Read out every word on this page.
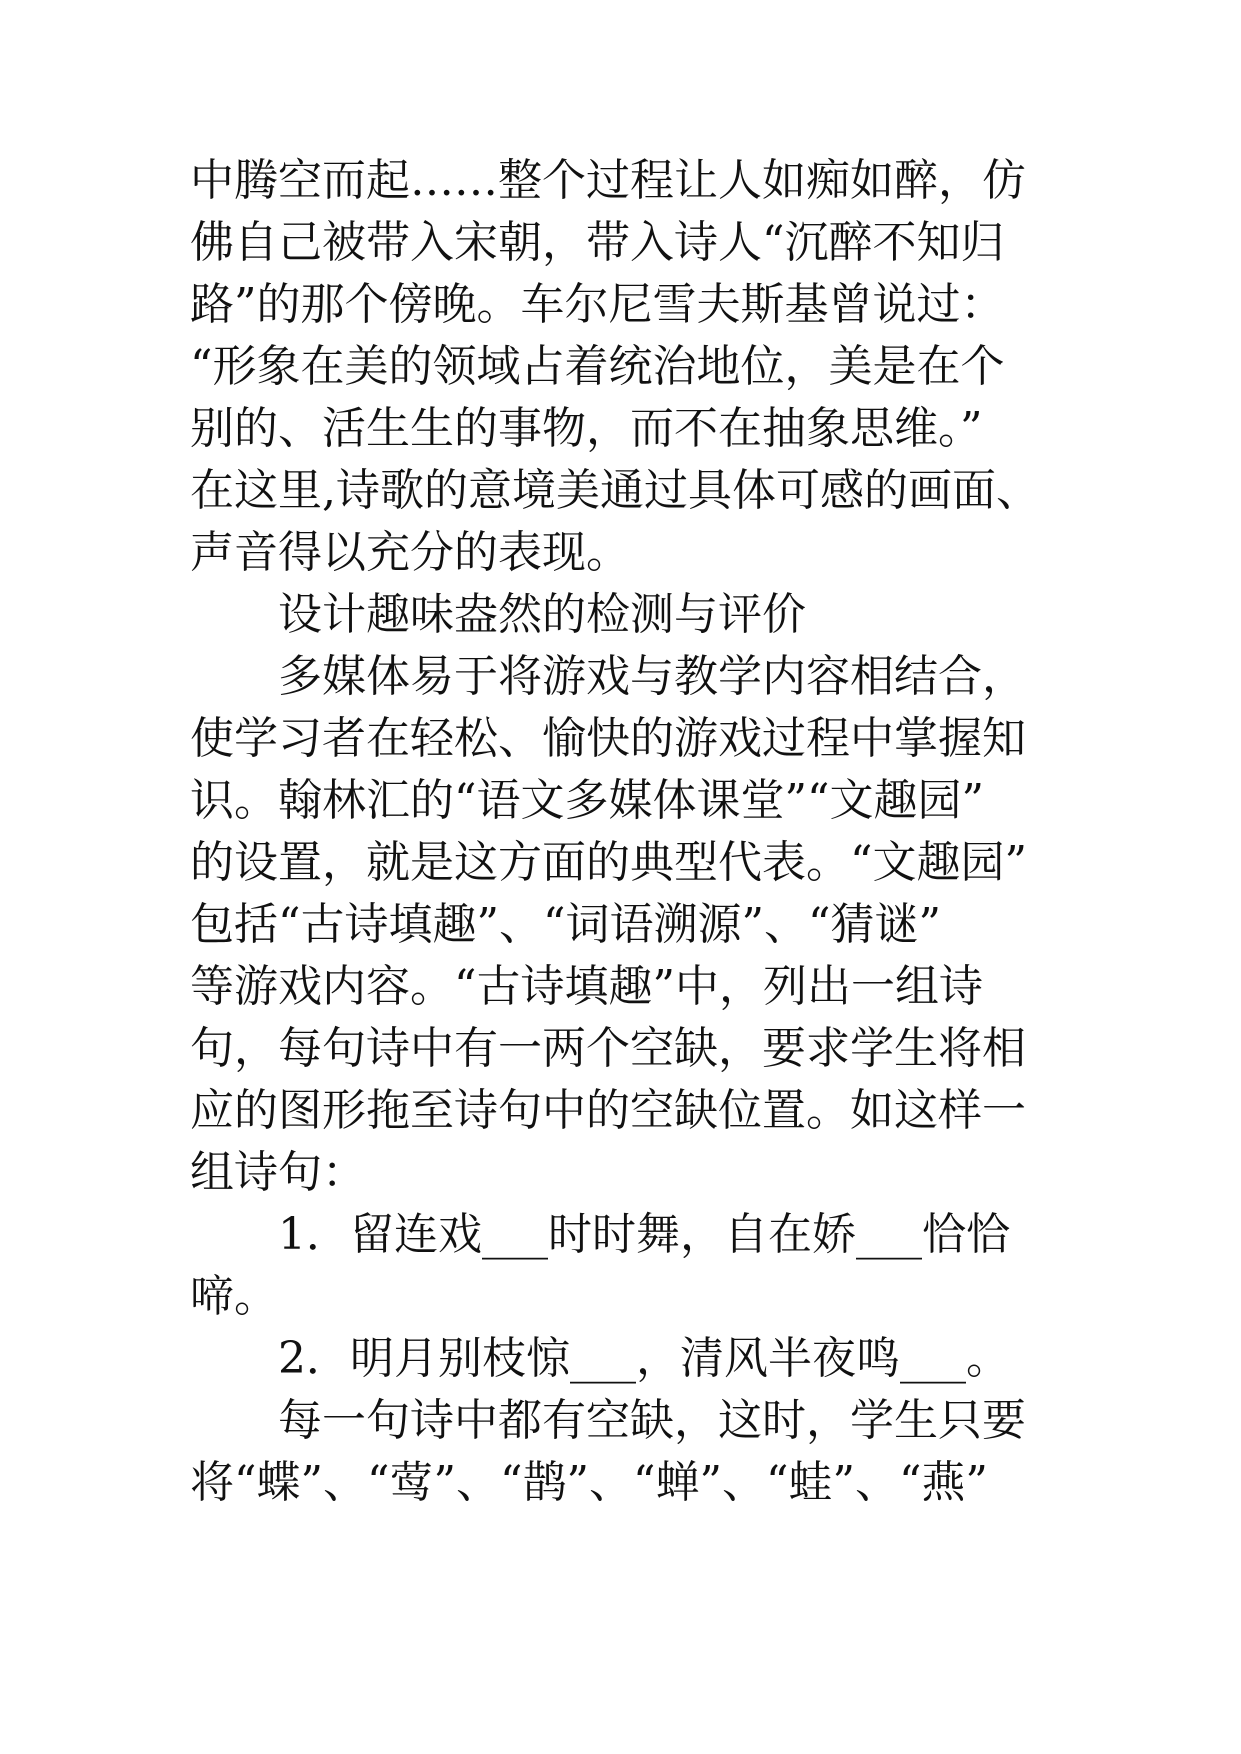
中腾空而起……整个过程让人如痴如醉，仿
佛自己被带入宋朝，带入诗人“沉醉不知归
路”的那个傍晚。车尔尼雪夫斯基曾说过：
“形象在美的领域占着统治地位，美是在个
别的、活生生的事物，而不在抽象思维。”
在这里,诗歌的意境美通过具体可感的画面、
声音得以充分的表现。
设计趣味盎然的检测与评价
多媒体易于将游戏与教学内容相结合，
使学习者在轻松、愉快的游戏过程中掌握知
识。翰林汇的“语文多媒体课堂”“文趣园”
的设置，就是这方面的典型代表。“文趣园”
包括“古诗填趣”、“词语溯源”、“猜谜”
等游戏内容。“古诗填趣”中，列出一组诗
句，每句诗中有一两个空缺，要求学生将相
应的图形拖至诗句中的空缺位置。如这样一
组诗句：
1．留连戏___时时舞，自在娇___恰恰
啼。
2．明月别枝惊___，清风半夜鸣___。
每一句诗中都有空缺，这时，学生只要
将“蝶”、“莺”、“鹊”、“蝉”、“蛙”、“燕”
